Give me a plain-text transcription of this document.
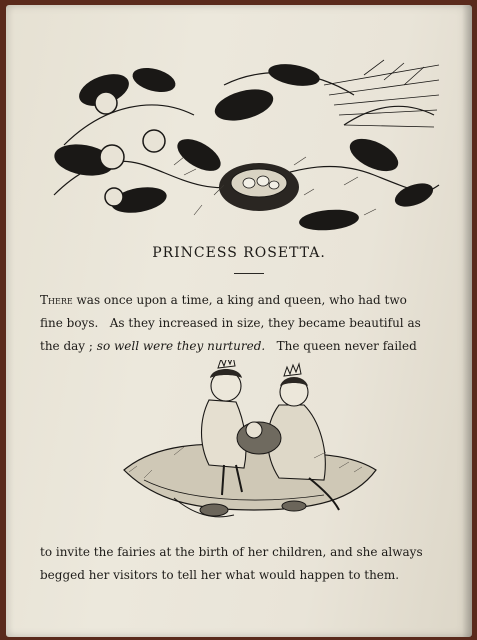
PRINCESS ROSETTA.
There was once upon a time, a king and queen, who had two
fine boys.   As they increased in size, they became beautiful as
the day ; so well were they nurtured. The queen never failed
to invite the fairies at the birth of her children, and she always
begged her visitors to tell her what would happen to them.
